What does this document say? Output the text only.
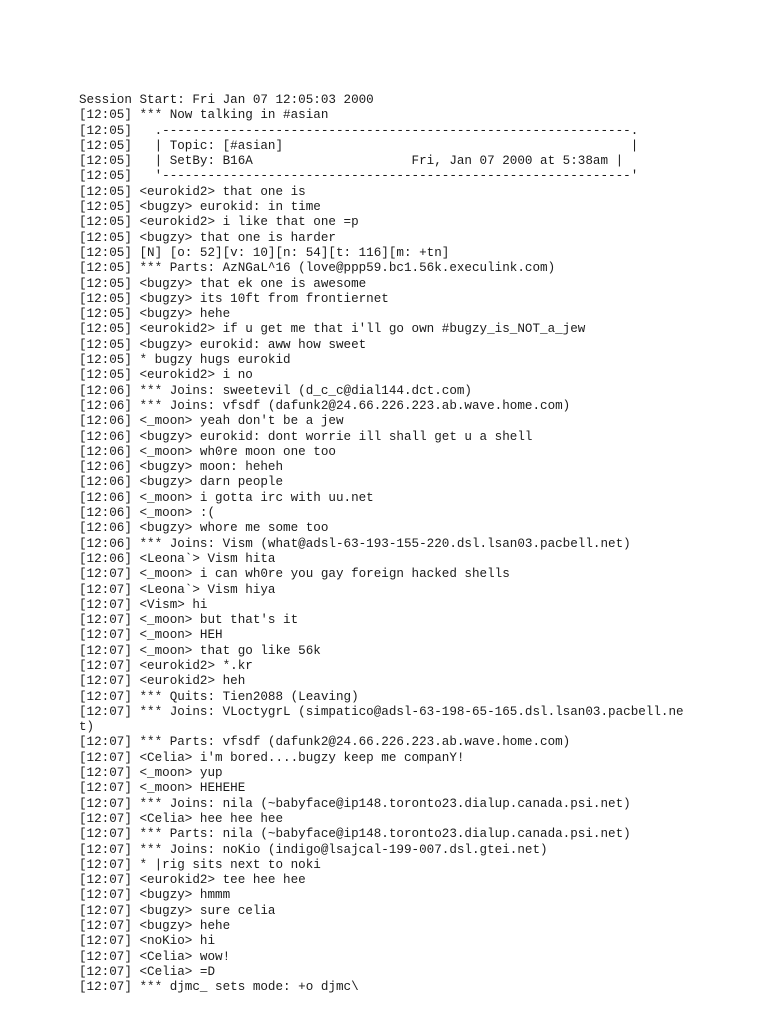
Session Start: Fri Jan 07 12:05:03 2000
[12:05] *** Now talking in #asian
[12:05]   .--------------------------------------------------------------.
[12:05]   | Topic: [#asian]                                              |
[12:05]   | SetBy: B16A                     Fri, Jan 07 2000 at 5:38am |
[12:05]   '--------------------------------------------------------------'
[12:05] <eurokid2> that one is
[12:05] <bugzy> eurokid: in time
[12:05] <eurokid2> i like that one =p
[12:05] <bugzy> that one is harder
[12:05] [N] [o: 52][v: 10][n: 54][t: 116][m: +tn]
[12:05] *** Parts: AzNGaL^16 (love@ppp59.bc1.56k.execulink.com)
[12:05] <bugzy> that ek one is awesome
[12:05] <bugzy> its 10ft from frontiernet
[12:05] <bugzy> hehe
[12:05] <eurokid2> if u get me that i'll go own #bugzy_is_NOT_a_jew
[12:05] <bugzy> eurokid: aww how sweet
[12:05] * bugzy hugs eurokid
[12:05] <eurokid2> i no
[12:06] *** Joins: sweetevil (d_c_c@dial144.dct.com)
[12:06] *** Joins: vfsdf (dafunk2@24.66.226.223.ab.wave.home.com)
[12:06] <_moon> yeah don't be a jew
[12:06] <bugzy> eurokid: dont worrie ill shall get u a shell
[12:06] <_moon> wh0re moon one too
[12:06] <bugzy> moon: heheh
[12:06] <bugzy> darn people
[12:06] <_moon> i gotta irc with uu.net
[12:06] <_moon> :(
[12:06] <bugzy> whore me some too
[12:06] *** Joins: Vism (what@adsl-63-193-155-220.dsl.lsan03.pacbell.net)
[12:06] <Leona`> Vism hita
[12:07] <_moon> i can wh0re you gay foreign hacked shells
[12:07] <Leona`> Vism hiya
[12:07] <Vism> hi
[12:07] <_moon> but that's it
[12:07] <_moon> HEH
[12:07] <_moon> that go like 56k
[12:07] <eurokid2> *.kr
[12:07] <eurokid2> heh
[12:07] *** Quits: Tien2088 (Leaving)
[12:07] *** Joins: VLoctygrL (simpatico@adsl-63-198-65-165.dsl.lsan03.pacbell.ne
t)
[12:07] *** Parts: vfsdf (dafunk2@24.66.226.223.ab.wave.home.com)
[12:07] <Celia> i'm bored....bugzy keep me companY!
[12:07] <_moon> yup
[12:07] <_moon> HEHEHE
[12:07] *** Joins: nila (~babyface@ip148.toronto23.dialup.canada.psi.net)
[12:07] <Celia> hee hee hee
[12:07] *** Parts: nila (~babyface@ip148.toronto23.dialup.canada.psi.net)
[12:07] *** Joins: noKio (indigo@lsajcal-199-007.dsl.gtei.net)
[12:07] * |rig sits next to noki
[12:07] <eurokid2> tee hee hee
[12:07] <bugzy> hmmm
[12:07] <bugzy> sure celia
[12:07] <bugzy> hehe
[12:07] <noKio> hi
[12:07] <Celia> wow!
[12:07] <Celia> =D
[12:07] *** djmc_ sets mode: +o djmc\
